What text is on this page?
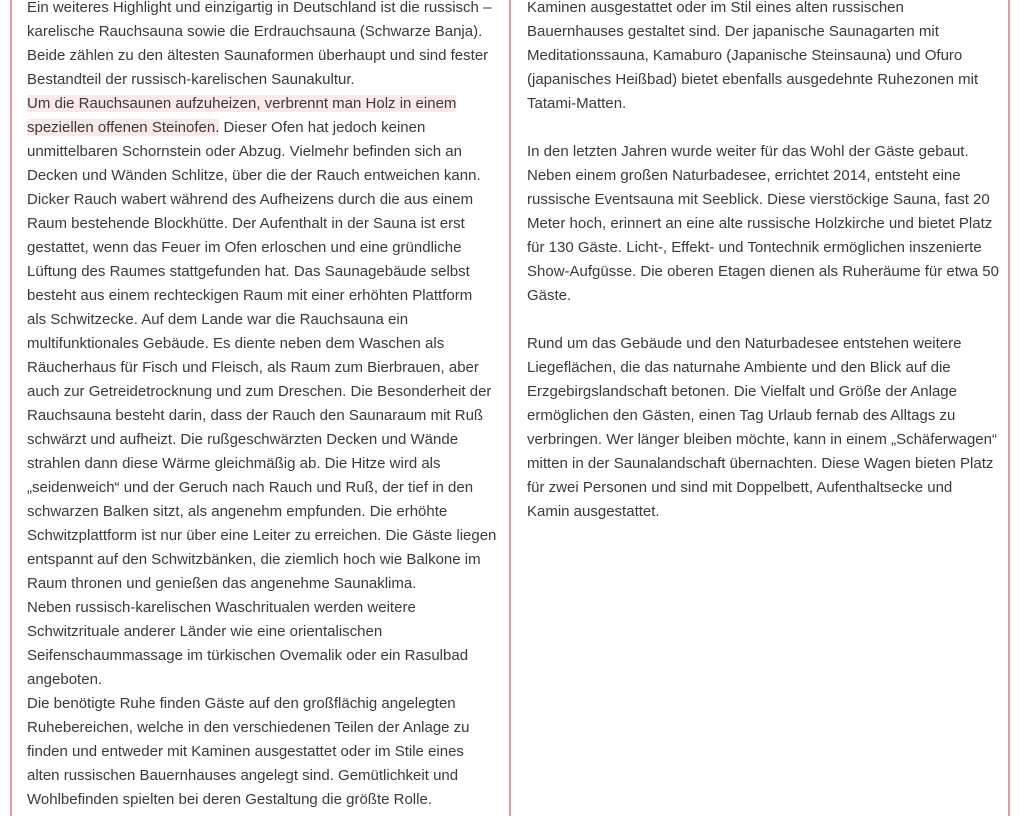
Ein weiteres Highlight und einzigartig in Deutschland ist die russisch –
karelische Rauchsauna sowie die Erdrauchsauna (Schwarze Banja).
Beide zählen zu den ältesten Saunaformen überhaupt und sind fester
Bestandteil der russisch-karelischen Saunakultur.
Um die Rauchsaunen aufzuheizen, verbrennt man Holz in einem
speziellen offenen Steinofen. Dieser Ofen hat jedoch keinen
unmittelbaren Schornstein oder Abzug. Vielmehr befinden sich an
Decken und Wänden Schlitze, über die der Rauch entweichen kann.
Dicker Rauch wabert während des Aufheizens durch die aus einem
Raum bestehende Blockhütte. Der Aufenthalt in der Sauna ist erst
gestattet, wenn das Feuer im Ofen erloschen und eine gründliche
Lüftung des Raumes stattgefunden hat. Das Saunagebäude selbst
besteht aus einem rechteckigen Raum mit einer erhöhten Plattform
als Schwitzecke. Auf dem Lande war die Rauchsauna ein
multifunktionales Gebäude. Es diente neben dem Waschen als
Räucherhaus für Fisch und Fleisch, als Raum zum Bierbrauen, aber
auch zur Getreidetrocknung und zum Dreschen. Die Besonderheit der
Rauchsauna besteht darin, dass der Rauch den Saunaraum mit Ruß
schwärzt und aufheizt. Die rußgeschwärzten Decken und Wände
strahlen dann diese Wärme gleichmäßig ab. Die Hitze wird als
„seidenweich“ und der Geruch nach Rauch und Ruß, der tief in den
schwarzen Balken sitzt, als angenehm empfunden. Die erhöhte
Schwitzplattform ist nur über eine Leiter zu erreichen. Die Gäste liegen
entspannt auf den Schwitzbänken, die ziemlich hoch wie Balkone im
Raum thronen und genießen das angenehme Saunaklima.
Neben russisch-karelischen Waschritualen werden weitere
Schwitzrituale anderer Länder wie eine orientalischen
Seifenschaummassage im türkischen Ovemalik oder ein Rasulbad
angeboten.
Die benötigte Ruhe finden Gäste auf den großflächig angelegten
Ruhebereichen, welche in den verschiedenen Teilen der Anlage zu
finden und entweder mit Kaminen ausgestattet oder im Stile eines
alten russischen Bauernhauses angelegt sind. Gemütlichkeit und
Wohlbefinden spielten bei deren Gestaltung die größte Rolle.
Kaminen ausgestattet oder im Stil eines alten russischen
Bauernhauses gestaltet sind. Der japanische Saunagarten mit
Meditationssauna, Kamaburo (Japanische Steinsauna) und Ofuro
(japanisches Heißbad) bietet ebenfalls ausgedehnte Ruhezonen mit
Tatami-Matten.
In den letzten Jahren wurde weiter für das Wohl der Gäste gebaut.
Neben einem großen Naturbadesee, errichtet 2014, entsteht eine
russische Eventsauna mit Seeblick. Diese vierstöckige Sauna, fast 20
Meter hoch, erinnert an eine alte russische Holzkirche und bietet Platz
für 130 Gäste. Licht-, Effekt- und Tontechnik ermöglichen inszenierte
Show-Aufgüsse. Die oberen Etagen dienen als Ruheräume für etwa 50
Gäste.
Rund um das Gebäude und den Naturbadesee entstehen weitere
Liegeflächen, die das naturnahe Ambiente und den Blick auf die
Erzgebirgslandschaft betonen. Die Vielfalt und Größe der Anlage
ermöglichen den Gästen, einen Tag Urlaub fernab des Alltags zu
verbringen. Wer länger bleiben möchte, kann in einem „Schäferwagen“
mitten in der Saunalandschaft übernachten. Diese Wagen bieten Platz
für zwei Personen und sind mit Doppelbett, Aufenthaltsecke und
Kamin ausgestattet.
